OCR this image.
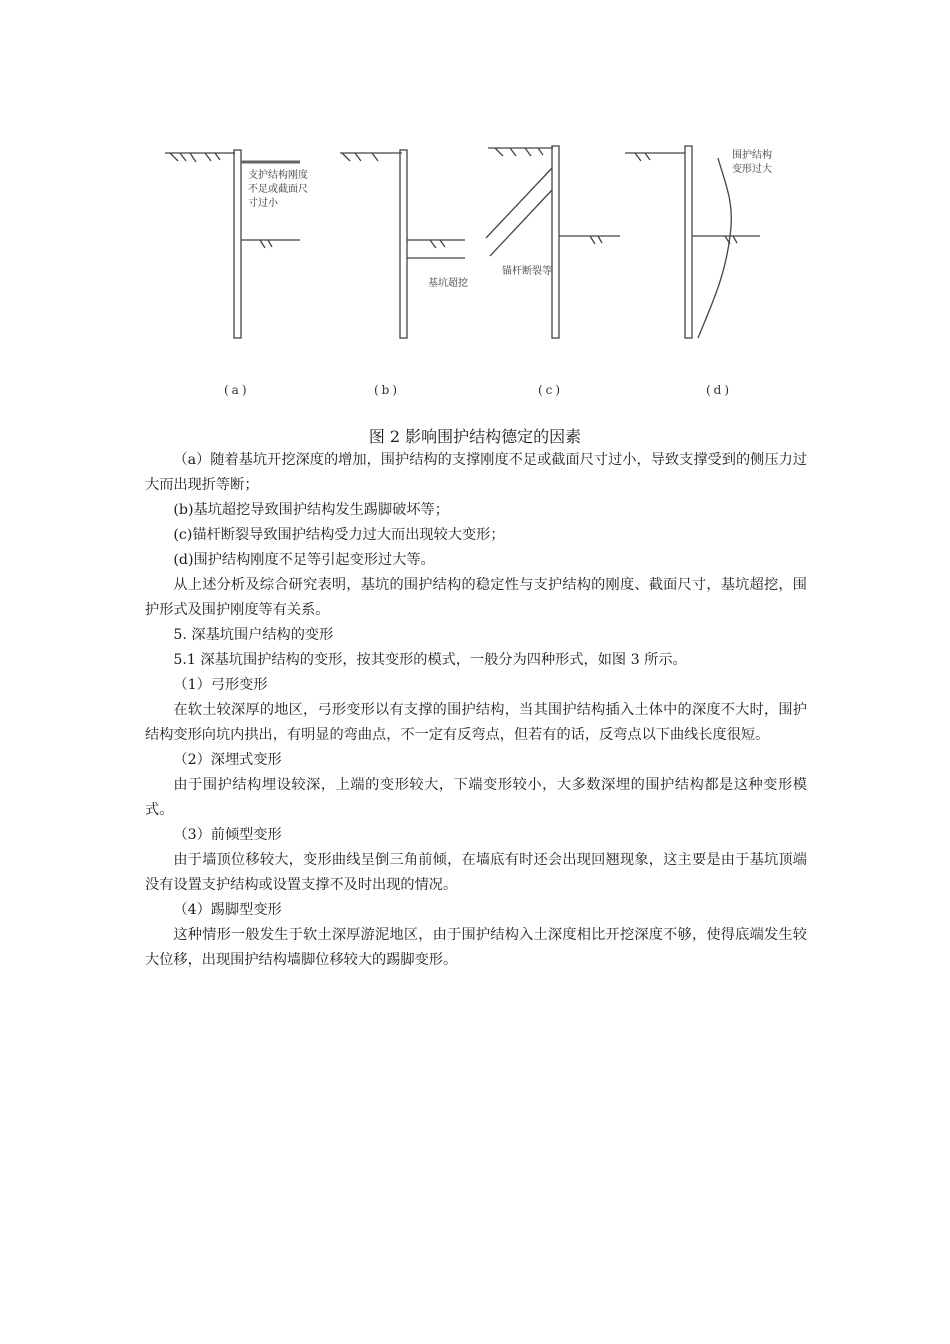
支护结构刚度
不足或截面尺
寸过小
基坑超挖
锚杆断裂等
围护结构
变形过大
(a)	(b)	(c)	(d)
图 2 影响围护结构德定的因素

（a）随着基坑开挖深度的增加，围护结构的支撑刚度不足或截面尺寸过小，导致支撑受到的侧压力过大而出现折等断；

(b)基坑超挖导致围护结构发生踢脚破坏等；

(c)锚杆断裂导致围护结构受力过大而出现较大变形；

(d)围护结构刚度不足等引起变形过大等。

从上述分析及综合研究表明，基坑的围护结构的稳定性与支护结构的刚度、截面尺寸，基坑超挖，围护形式及围护刚度等有关系。

5. 深基坑围户结构的变形

5.1 深基坑围护结构的变形，按其变形的模式，一般分为四种形式，如图 3 所示。

（1）弓形变形

在软土较深厚的地区，弓形变形以有支撑的围护结构，当其围护结构插入土体中的深度不大时，围护结构变形向坑内拱出，有明显的弯曲点，不一定有反弯点，但若有的话，反弯点以下曲线长度很短。

（2）深埋式变形

由于围护结构埋设较深，上端的变形较大，下端变形较小，大多数深埋的围护结构都是这种变形模式。

（3）前倾型变形

由于墙顶位移较大，变形曲线呈倒三角前倾，在墙底有时还会出现回翘现象，这主要是由于基坑顶端没有设置支护结构或设置支撑不及时出现的情况。

（4）踢脚型变形

这种情形一般发生于软土深厚游泥地区，由于围护结构入土深度相比开挖深度不够，使得底端发生较大位移，出现围护结构墙脚位移较大的踢脚变形。
